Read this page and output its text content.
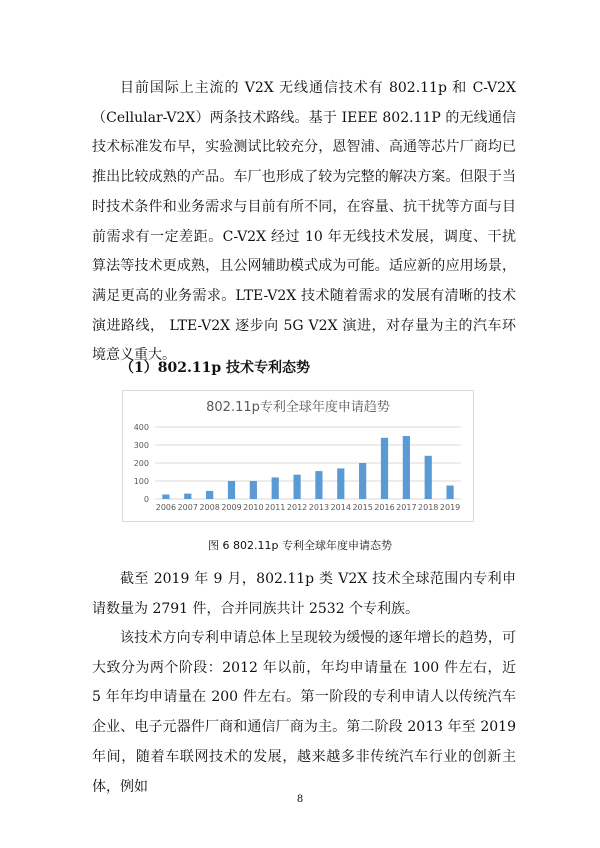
目前国际上主流的 V2X 无线通信技术有 802.11p 和 C-V2X（Cellular-V2X）两条技术路线。基于 IEEE 802.11P 的无线通信技术标准发布早，实验测试比较充分，恩智浦、高通等芯片厂商均已推出比较成熟的产品。车厂也形成了较为完整的解决方案。但限于当时技术条件和业务需求与目前有所不同，在容量、抗干扰等方面与目前需求有一定差距。C-V2X 经过 10 年无线技术发展，调度、干扰算法等技术更成熟，且公网辅助模式成为可能。适应新的应用场景，满足更高的业务需求。LTE-V2X 技术随着需求的发展有清晰的技术演进路线， LTE-V2X 逐步向 5G V2X 演进，对存量为主的汽车环境意义重大。

（1）802.11p 技术专利态势
802.11p专利全球年度申请趋势
0
100
200
300
400
2006 2007 2008 2009 2010 2011 2012 2013 2014 2015 2016 2017 2018 2019
图 6 802.11p 专利全球年度申请态势

截至 2019 年 9 月，802.11p 类 V2X 技术全球范围内专利申请数量为 2791 件，合并同族共计 2532 个专利族。

该技术方向专利申请总体上呈现较为缓慢的逐年增长的趋势，可大致分为两个阶段：2012 年以前，年均申请量在 100 件左右，近 5 年年均申请量在 200 件左右。第一阶段的专利申请人以传统汽车企业、电子元器件厂商和通信厂商为主。第二阶段 2013 年至 2019 年间，随着车联网技术的发展，越来越多非传统汽车行业的创新主体，例如

8
